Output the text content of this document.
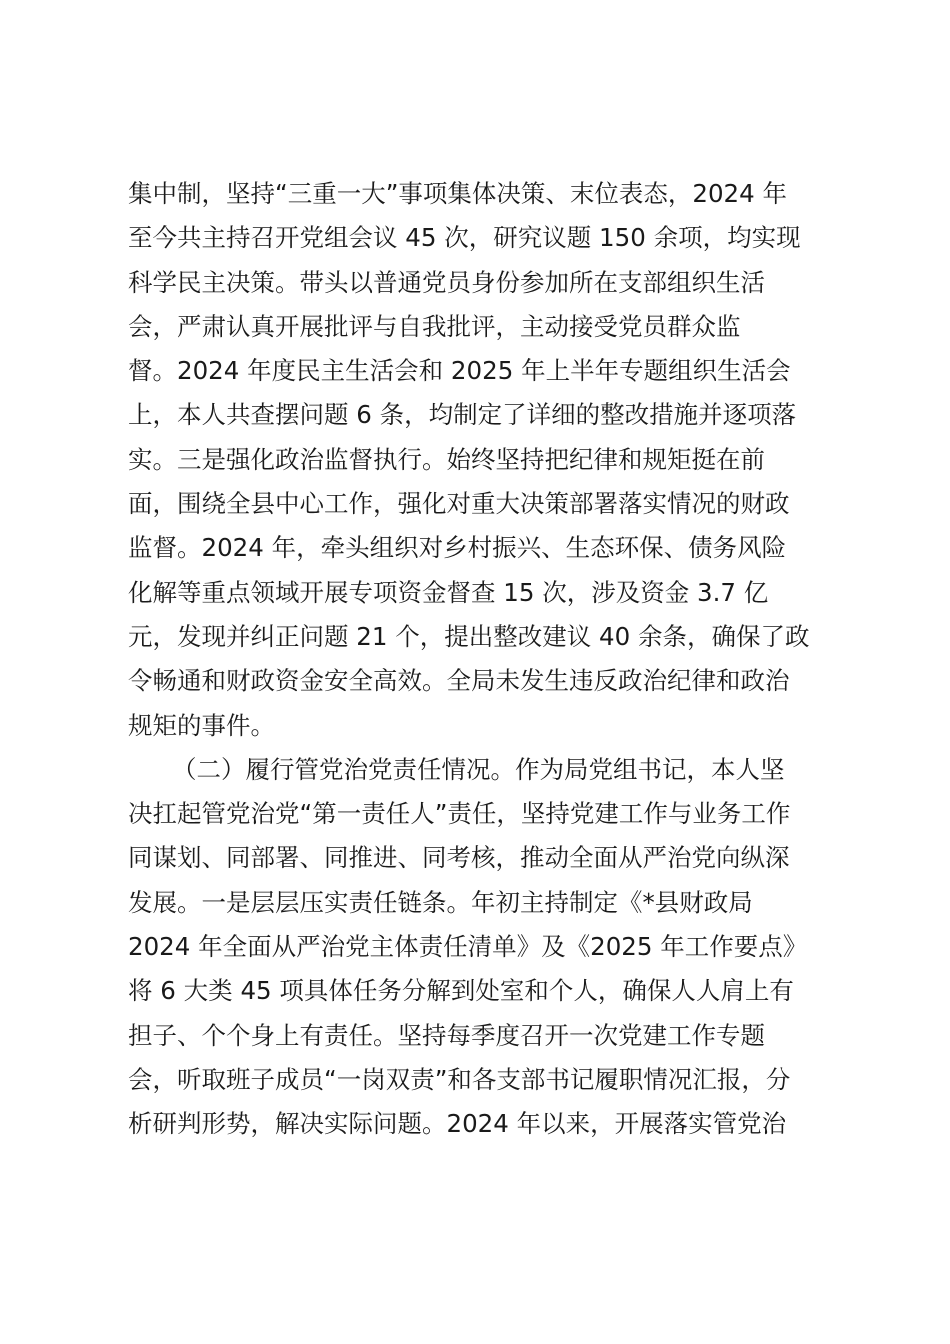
集中制，坚持“三重一大”事项集体决策、末位表态，2024 年

至今共主持召开党组会议 45 次，研究议题 150 余项，均实现

科学民主决策。带头以普通党员身份参加所在支部组织生活

会，严肃认真开展批评与自我批评，主动接受党员群众监

督。2024 年度民主生活会和 2025 年上半年专题组织生活会

上，本人共查摆问题 6 条，均制定了详细的整改措施并逐项落

实。三是强化政治监督执行。始终坚持把纪律和规矩挺在前

面，围绕全县中心工作，强化对重大决策部署落实情况的财政

监督。2024 年，牵头组织对乡村振兴、生态环保、债务风险

化解等重点领域开展专项资金督查 15 次，涉及资金 3.7 亿

元，发现并纠正问题 21 个，提出整改建议 40 余条，确保了政

令畅通和财政资金安全高效。全局未发生违反政治纪律和政治

规矩的事件。

（二）履行管党治党责任情况。作为局党组书记，本人坚

决扛起管党治党“第一责任人”责任，坚持党建工作与业务工作

同谋划、同部署、同推进、同考核，推动全面从严治党向纵深

发展。一是层层压实责任链条。年初主持制定《*县财政局

2024 年全面从严治党主体责任清单》及《2025 年工作要点》

将 6 大类 45 项具体任务分解到处室和个人，确保人人肩上有

担子、个个身上有责任。坚持每季度召开一次党建工作专题

会，听取班子成员“一岗双责”和各支部书记履职情况汇报，分

析研判形势，解决实际问题。2024 年以来，开展落实管党治
